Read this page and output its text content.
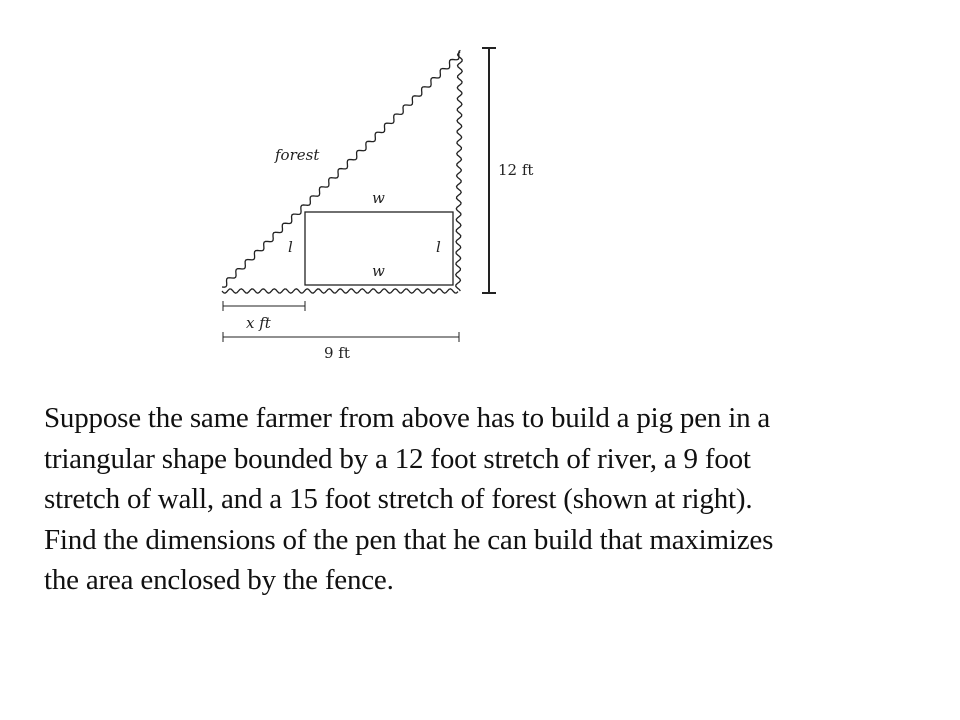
forest
12 ft
w
w
l	l
x ft
9 ft
Suppose the same farmer from above has to build a pig pen in a
triangular shape bounded by a 12 foot stretch of river, a 9 foot
stretch of wall, and a 15 foot stretch of forest (shown at right).
Find the dimensions of the pen that he can build that maximizes
the area enclosed by the fence.
